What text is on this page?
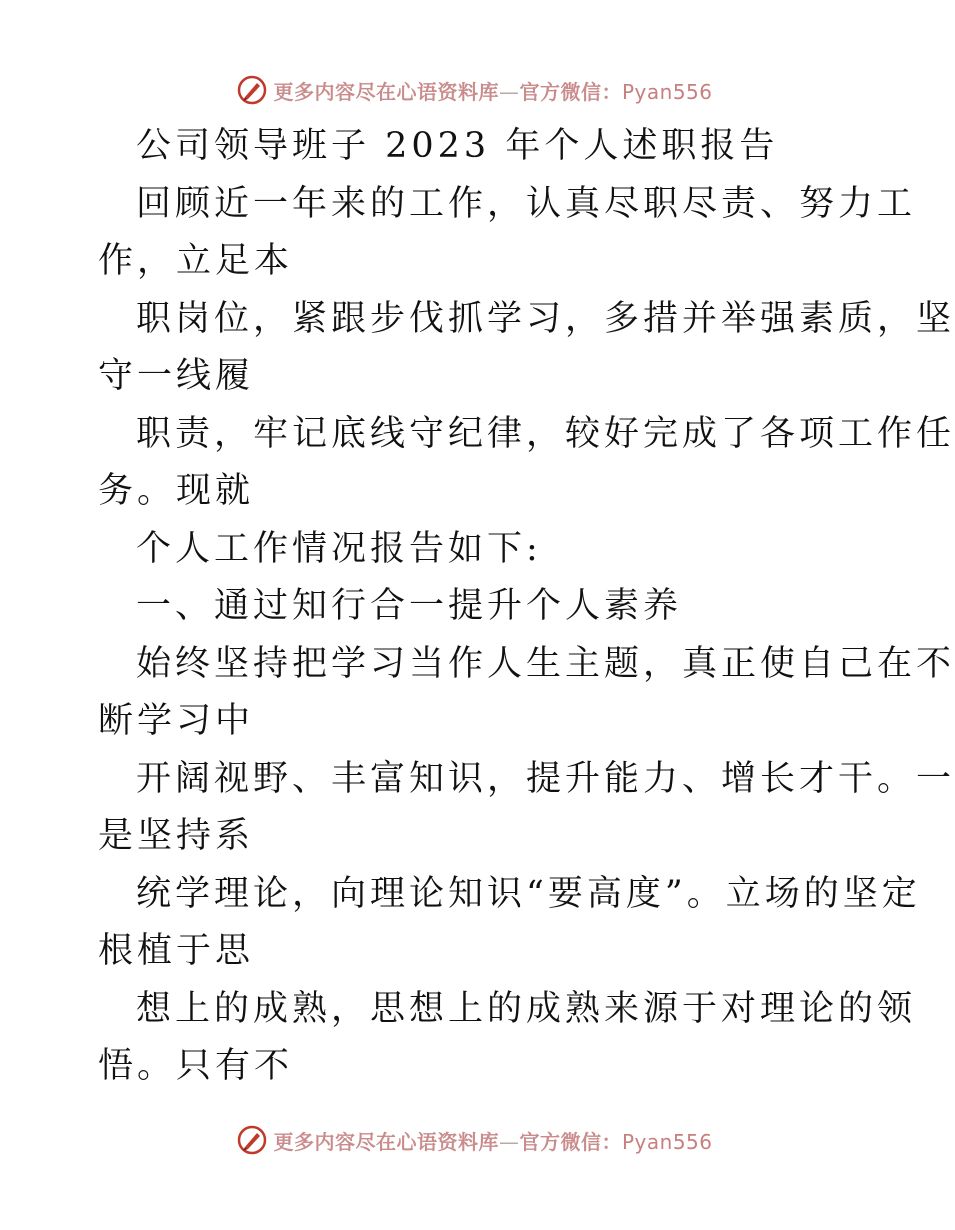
更多内容尽在心语资料库—官方微信：Pyan556
公司领导班子 2023 年个人述职报告
回顾近一年来的工作，认真尽职尽责、努力工
作，立足本
职岗位，紧跟步伐抓学习，多措并举强素质，坚
守一线履
职责，牢记底线守纪律，较好完成了各项工作任
务。现就
个人工作情况报告如下:
一、通过知行合一提升个人素养
始终坚持把学习当作人生主题，真正使自己在不
断学习中
开阔视野、丰富知识，提升能力、增长才干。一
是坚持系
统学理论，向理论知识“要高度”。立场的坚定
根植于思
想上的成熟，思想上的成熟来源于对理论的领
悟。只有不
更多内容尽在心语资料库—官方微信：Pyan556
